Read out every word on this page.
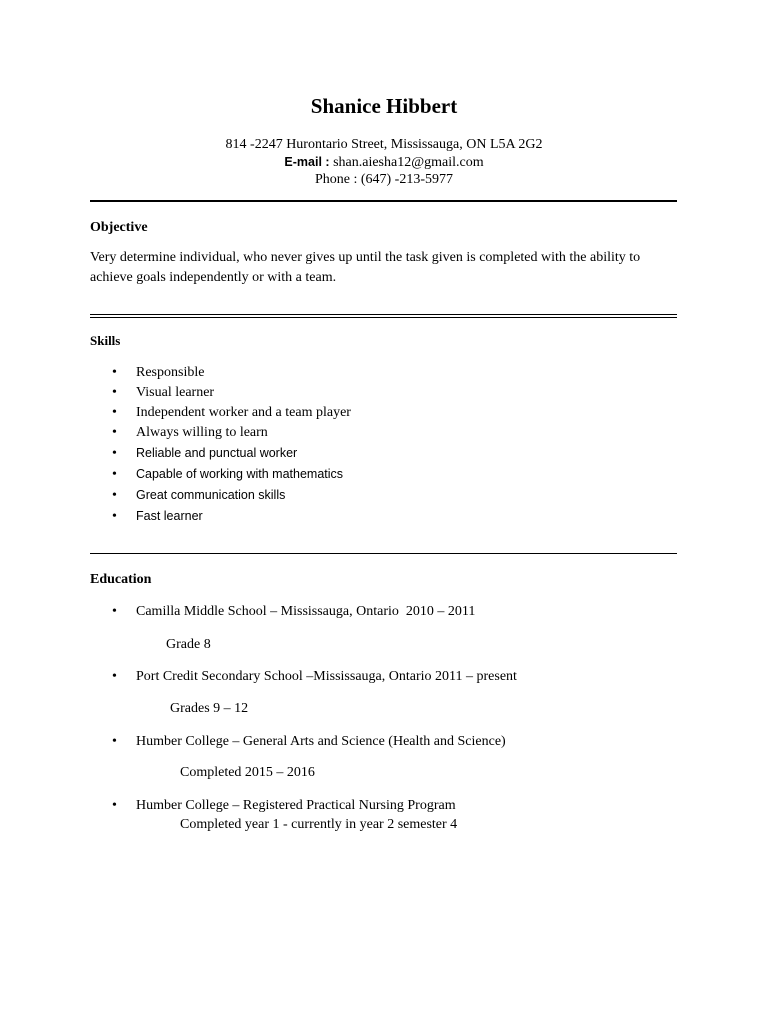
Shanice Hibbert
814 -2247 Hurontario Street, Mississauga, ON L5A 2G2
E-mail : shan.aiesha12@gmail.com
Phone : (647) -213-5977
Objective
Very determine individual, who never gives up until the task given is completed with the ability to
achieve goals independently or with a team.
Skills
• Responsible
• Visual learner
• Independent worker and a team player
• Always willing to learn
• Reliable and punctual worker
• Capable of working with mathematics
• Great communication skills
• Fast learner
Education
• Camilla Middle School – Mississauga, Ontario  2010 – 2011
Grade 8
• Port Credit Secondary School –Mississauga, Ontario 2011 – present
Grades 9 – 12
• Humber College – General Arts and Science (Health and Science)
Completed 2015 – 2016
• Humber College – Registered Practical Nursing Program
Completed year 1 - currently in year 2 semester 4
